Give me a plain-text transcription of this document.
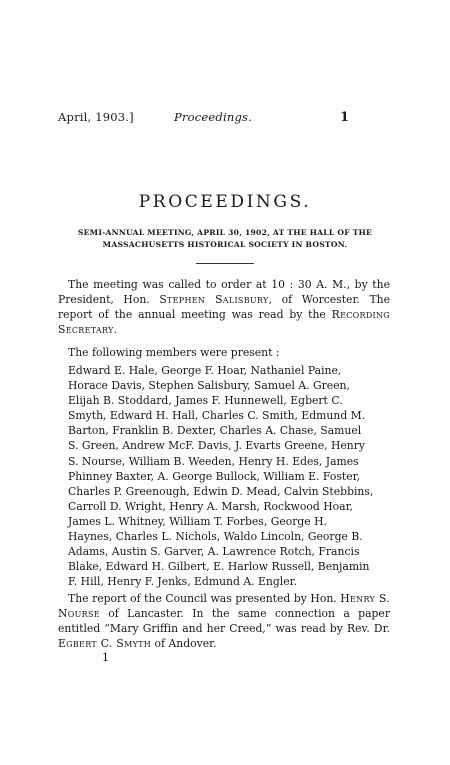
April, 1903.]	Proceedings.	1
PROCEEDINGS.
SEMI-ANNUAL MEETING, APRIL 30, 1902, AT THE HALL OF THE
MASSACHUSETTS HISTORICAL SOCIETY IN BOSTON.

The meeting was called to order at 10 : 30 A. M., by the President, Hon. Stephen Salisbury, of Worcester. The report of the annual meeting was read by the Recording Secretary.

The following members were present :

Edward E. Hale, George F. Hoar, Nathaniel Paine,
Horace Davis, Stephen Salisbury, Samuel A. Green,
Elijah B. Stoddard, James F. Hunnewell, Egbert C.
Smyth, Edward H. Hall, Charles C. Smith, Edmund M.
Barton, Franklin B. Dexter, Charles A. Chase, Samuel
S. Green, Andrew McF. Davis, J. Evarts Greene, Henry
S. Nourse, William B. Weeden, Henry H. Edes, James
Phinney Baxter, A. George Bullock, William E. Foster,
Charles P. Greenough, Edwin D. Mead, Calvin Stebbins,
Carroll D. Wright, Henry A. Marsh, Rockwood Hoar,
James L. Whitney, William T. Forbes, George H.
Haynes, Charles L. Nichols, Waldo Lincoln, George B.
Adams, Austin S. Garver, A. Lawrence Rotch, Francis
Blake, Edward H. Gilbert, E. Harlow Russell, Benjamin
F. Hill, Henry F. Jenks, Edmund A. Engler.

The report of the Council was presented by Hon. Henry S. Nourse of Lancaster. In the same connection a paper entitled “Mary Griffin and her Creed,” was read by Rev. Dr. Egbert C. Smyth of Andover.

1
